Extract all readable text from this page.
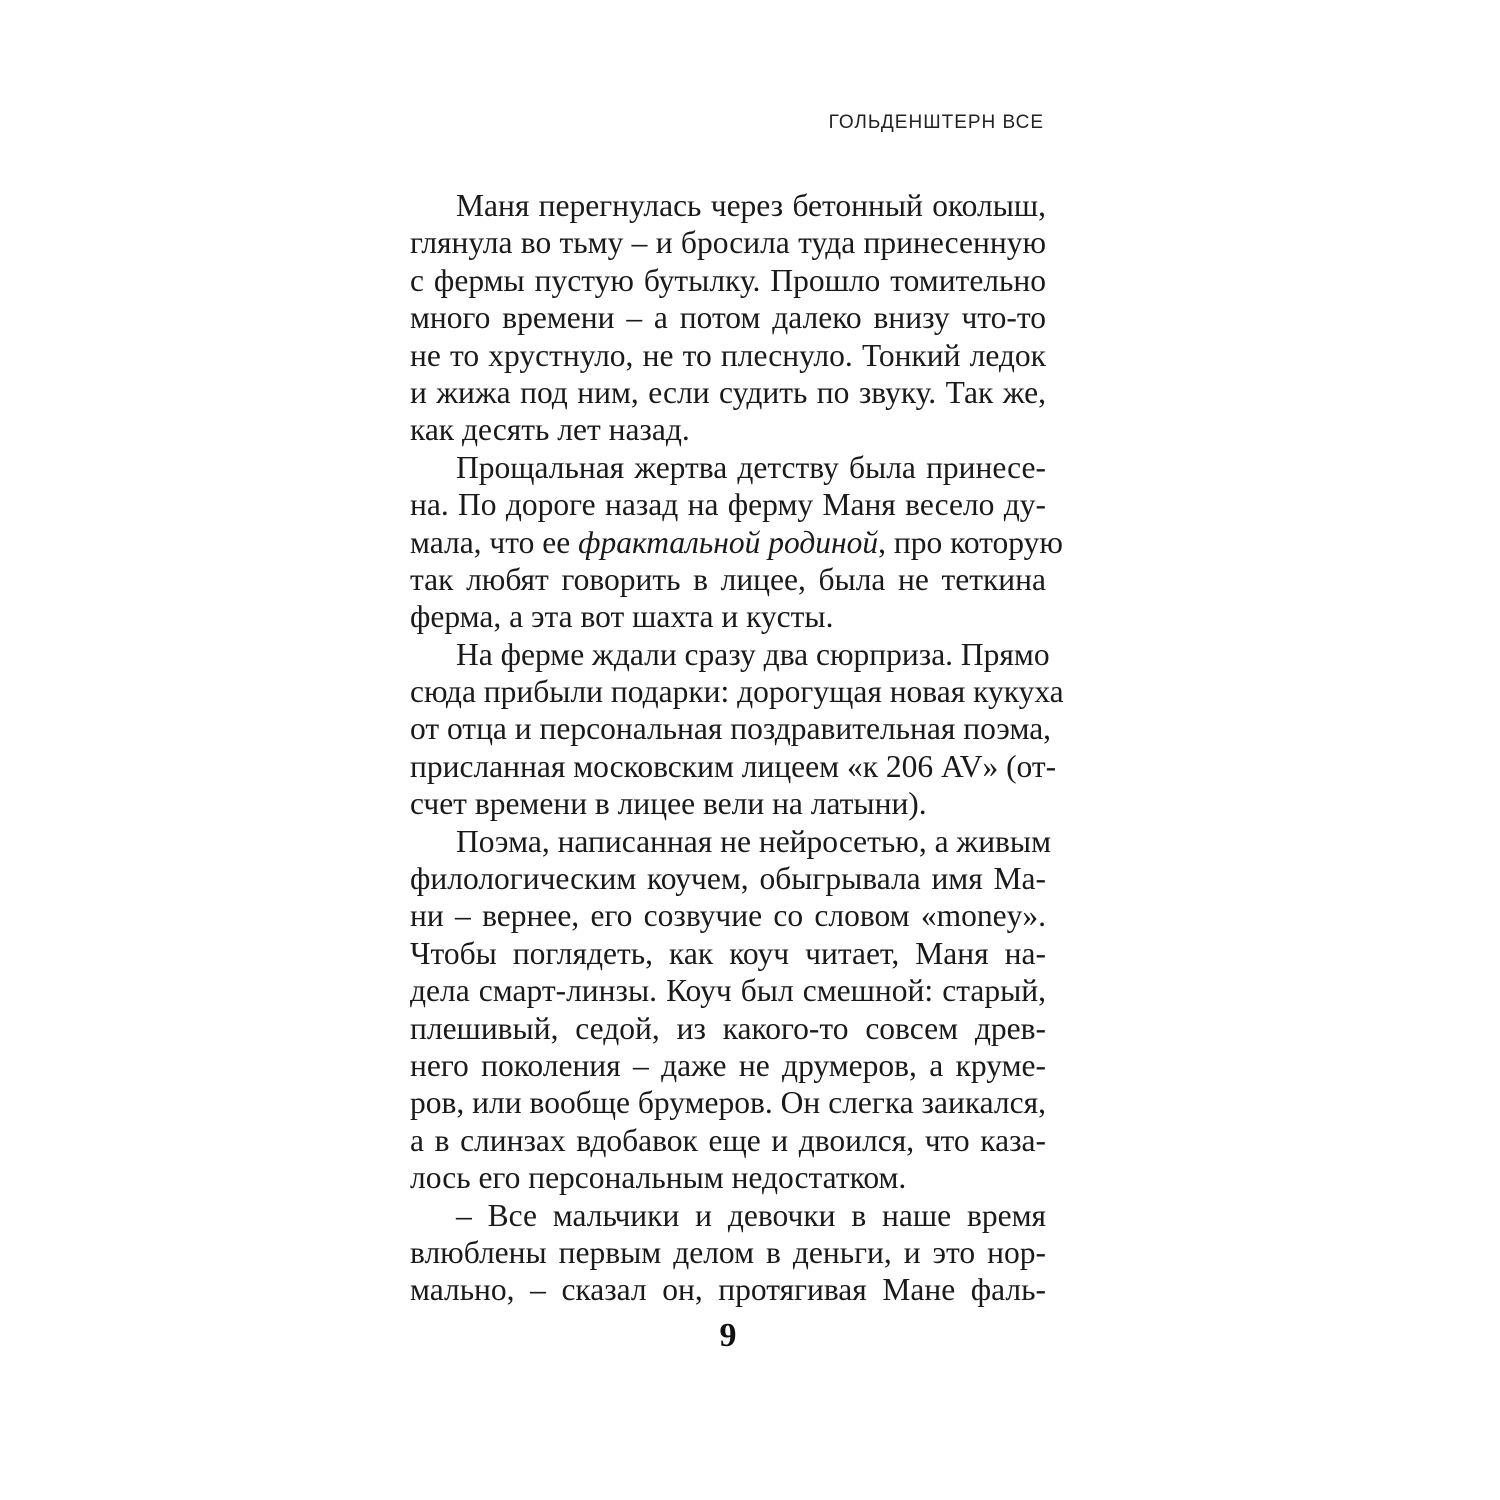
ГОЛЬДЕНШТЕРН ВСЕ
Маня перегнулась через бетонный околыш,
глянула во тьму – и бросила туда принесенную
с фермы пустую бутылку. Прошло томительно
много времени – а потом далеко внизу что-то
не то хрустнуло, не то плеснуло. Тонкий ледок
и жижа под ним, если судить по звуку. Так же,
как десять лет назад.
Прощальная жертва детству была принесе-
на. По дороге назад на ферму Маня весело ду-
мала, что ее фрактальной родиной, про которую
так любят говорить в лицее, была не теткина
ферма, а эта вот шахта и кусты.
На ферме ждали сразу два сюрприза. Прямо
сюда прибыли подарки: дорогущая новая кукуха
от отца и персональная поздравительная поэма,
присланная московским лицеем «к 206 AV» (от-
счет времени в лицее вели на латыни).
Поэма, написанная не нейросетью, а живым
филологическим коучем, обыгрывала имя Ма-
ни – вернее, его созвучие со словом «money».
Чтобы поглядеть, как коуч читает, Маня на-
дела смарт-линзы. Коуч был смешной: старый,
плешивый, седой, из какого-то совсем древ-
него поколения – даже не друмеров, а круме-
ров, или вообще брумеров. Он слегка заикался,
а в слинзах вдобавок еще и двоился, что каза-
лось его персональным недостатком.
– Все мальчики и девочки в наше время
влюблены первым делом в деньги, и это нор-
мально, – сказал он, протягивая Мане фаль-
9
